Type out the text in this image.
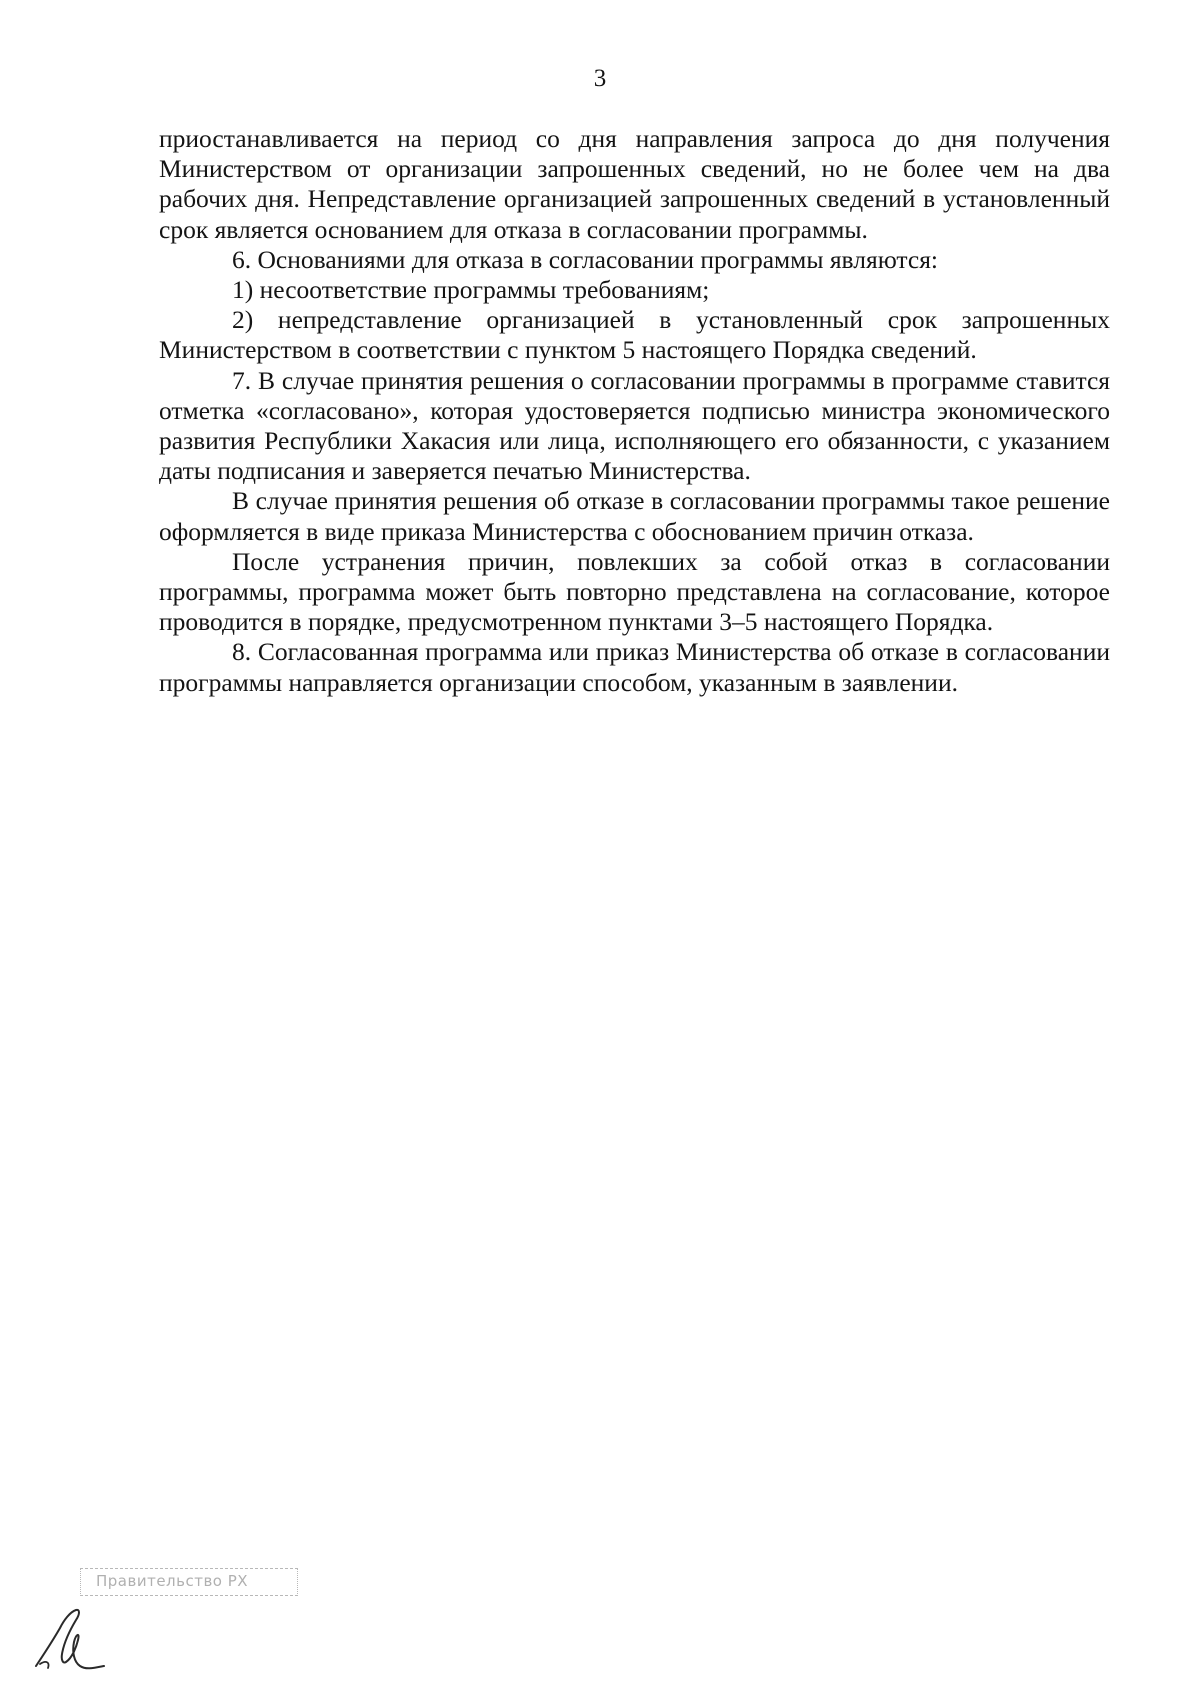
3

приостанавливается на период со дня направления запроса до дня получения Министерством от организации запрошенных сведений, но не более чем на два рабочих дня. Непредставление организацией запрошенных сведений в установленный срок является основанием для отказа в согласовании программы.

6. Основаниями для отказа в согласовании программы являются:

1) несоответствие программы требованиям;

2) непредставление организацией в установленный срок запрошенных Министерством в соответствии с пунктом 5 настоящего Порядка сведений.

7. В случае принятия решения о согласовании программы в программе ставится отметка «согласовано», которая удостоверяется подписью министра экономического развития Республики Хакасия или лица, исполняющего его обязанности, с указанием даты подписания и заверяется печатью Министерства.

В случае принятия решения об отказе в согласовании программы такое решение оформляется в виде приказа Министерства с обоснованием причин отказа.

После устранения причин, повлекших за собой отказ в согласовании программы, программа может быть повторно представлена на согласование, которое проводится в порядке, предусмотренном пунктами 3–5 настоящего Порядка.

8. Согласованная программа или приказ Министерства об отказе в согласовании программы направляется организации способом, указанным в заявлении.

Правительство РХ
